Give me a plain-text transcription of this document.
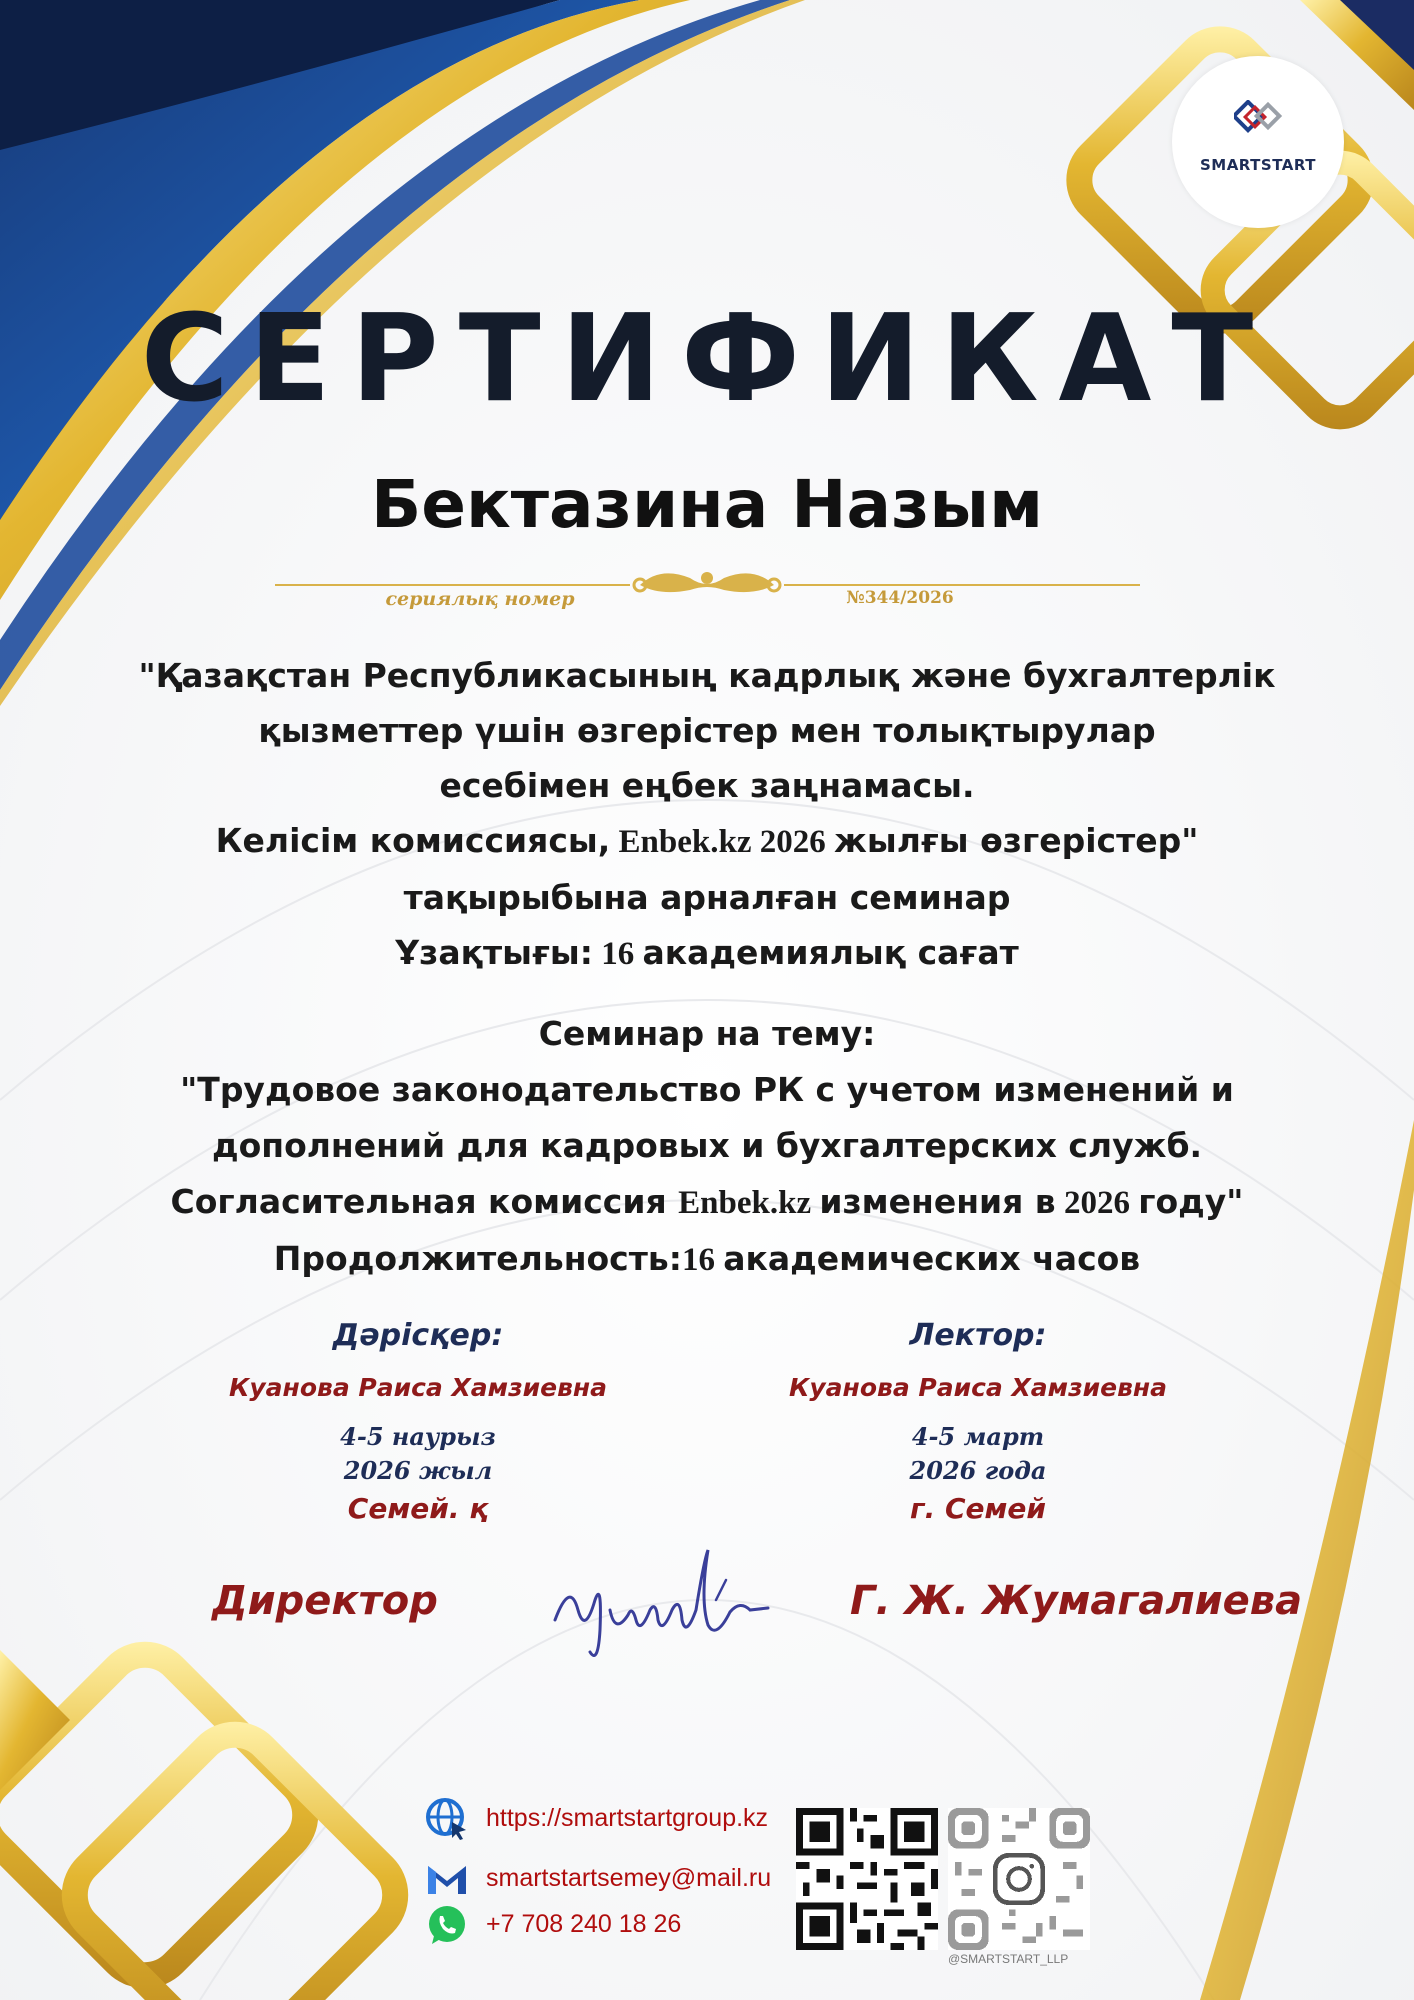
SMARTSTART
СЕРТИФИКАТ
Бектазина Назым
сериялық номер	№344/2026

"Қазақстан Республикасының кадрлық және бухгалтерлік

қызметтер үшін өзгерістер мен толықтырулар

есебімен еңбек заңнамасы.

Келісім комиссиясы, Enbek.kz 2026 жылғы өзгерістер"

тақырыбына арналған семинар

Ұзақтығы: 16 академиялық сағат

Семинар на тему:

"Трудовое законодательство РК с учетом изменений и

дополнений для кадровых и бухгалтерских служб.

Согласительная комиссия Enbek.kz изменения в 2026 году"

Продолжительность:16 академических часов

Дәрісқер:

Куанова Раиса Хамзиевна

4-5 наурыз

2026 жыл

Семей. қ

Лектор:

Куанова Раиса Хамзиевна

4-5 март

2026 года

г. Семей

Директор	Г. Ж. Жумагалиева
https://smartstartgroup.kz
smartstartsemey@mail.ru
+7 708 240 18 26
@SMARTSTART_LLP
